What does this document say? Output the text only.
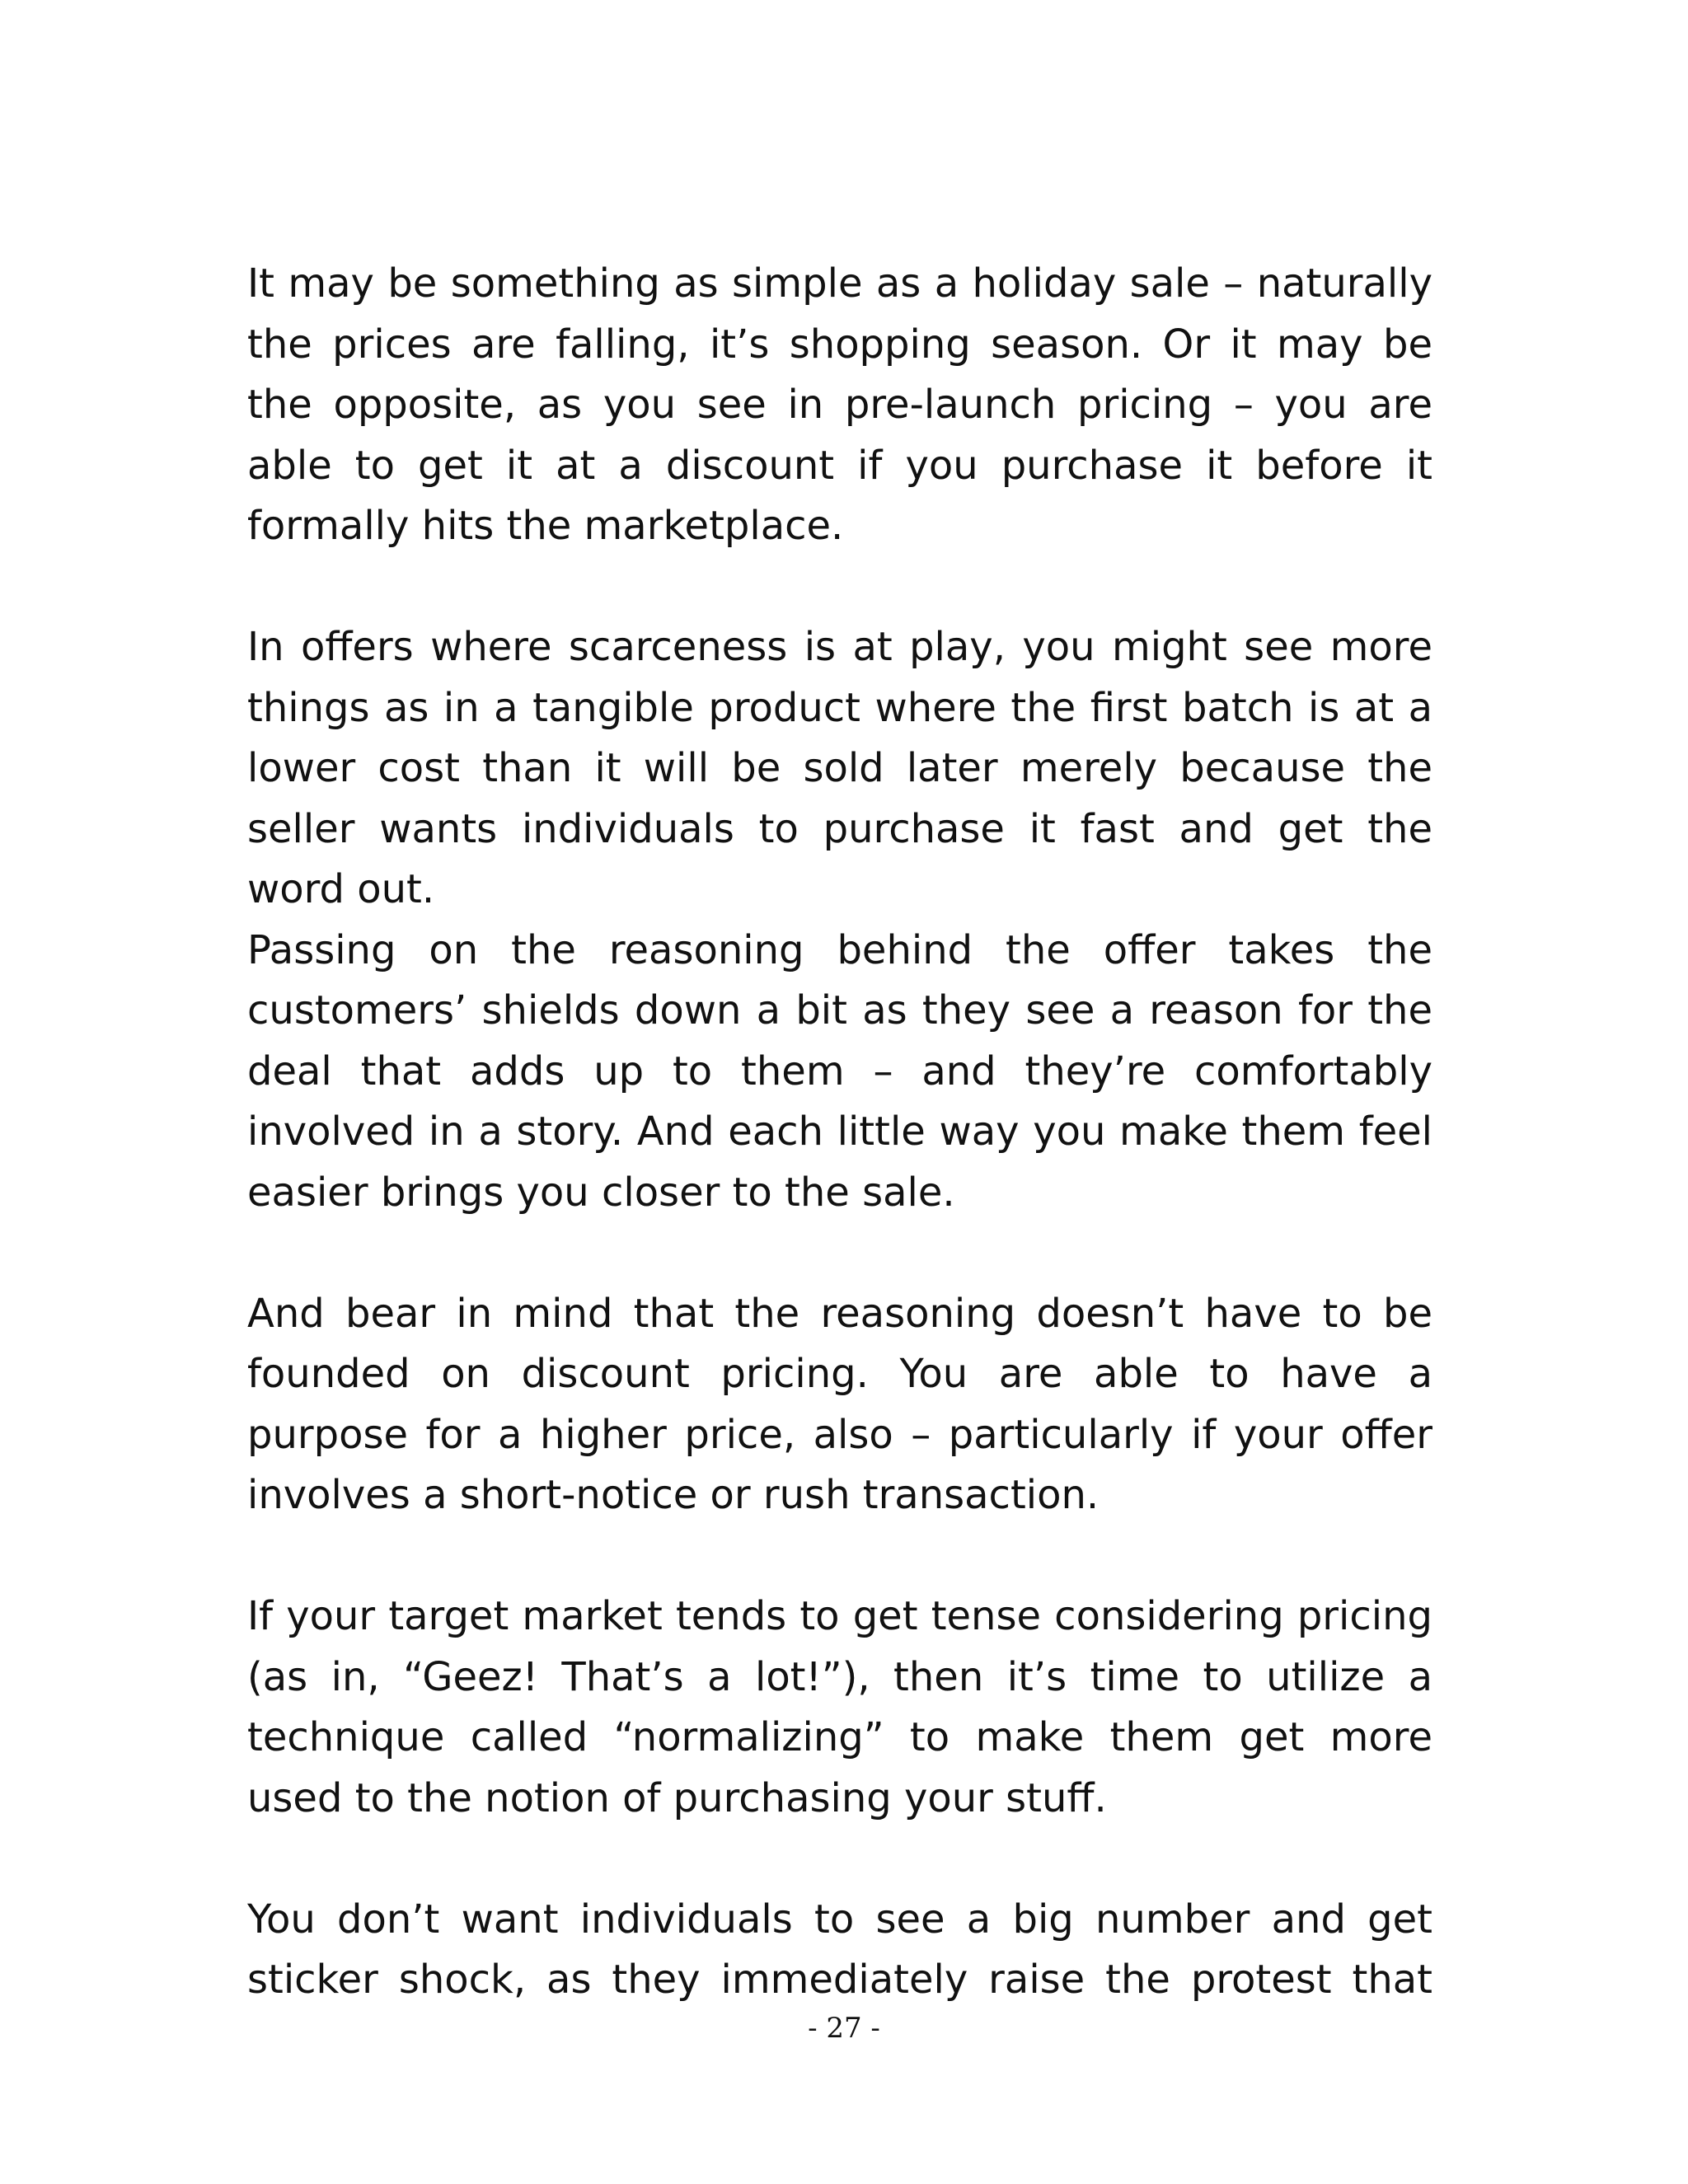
It may be something as simple as a holiday sale – naturally the prices are falling, it’s shopping season. Or it may be the opposite, as you see in pre-launch pricing – you are able to get it at a discount if you purchase it before it formally hits the marketplace.

In offers where scarceness is at play, you might see more things as in a tangible product where the first batch is at a lower cost than it will be sold later merely because the seller wants individuals to purchase it fast and get the word out.

Passing on the reasoning behind the offer takes the customers’ shields down a bit as they see a reason for the deal that adds up to them – and they’re comfortably involved in a story. And each little way you make them feel easier brings you closer to the sale.

And bear in mind that the reasoning doesn’t have to be founded on discount pricing. You are able to have a purpose for a higher price, also – particularly if your offer involves a short-notice or rush transaction.

If your target market tends to get tense considering pricing (as in, “Geez! That’s a lot!”), then it’s time to utilize a technique called “normalizing” to make them get more used to the notion of purchasing your stuff.

You don’t want individuals to see a big number and get sticker shock, as they immediately raise the protest that

- 27 -
